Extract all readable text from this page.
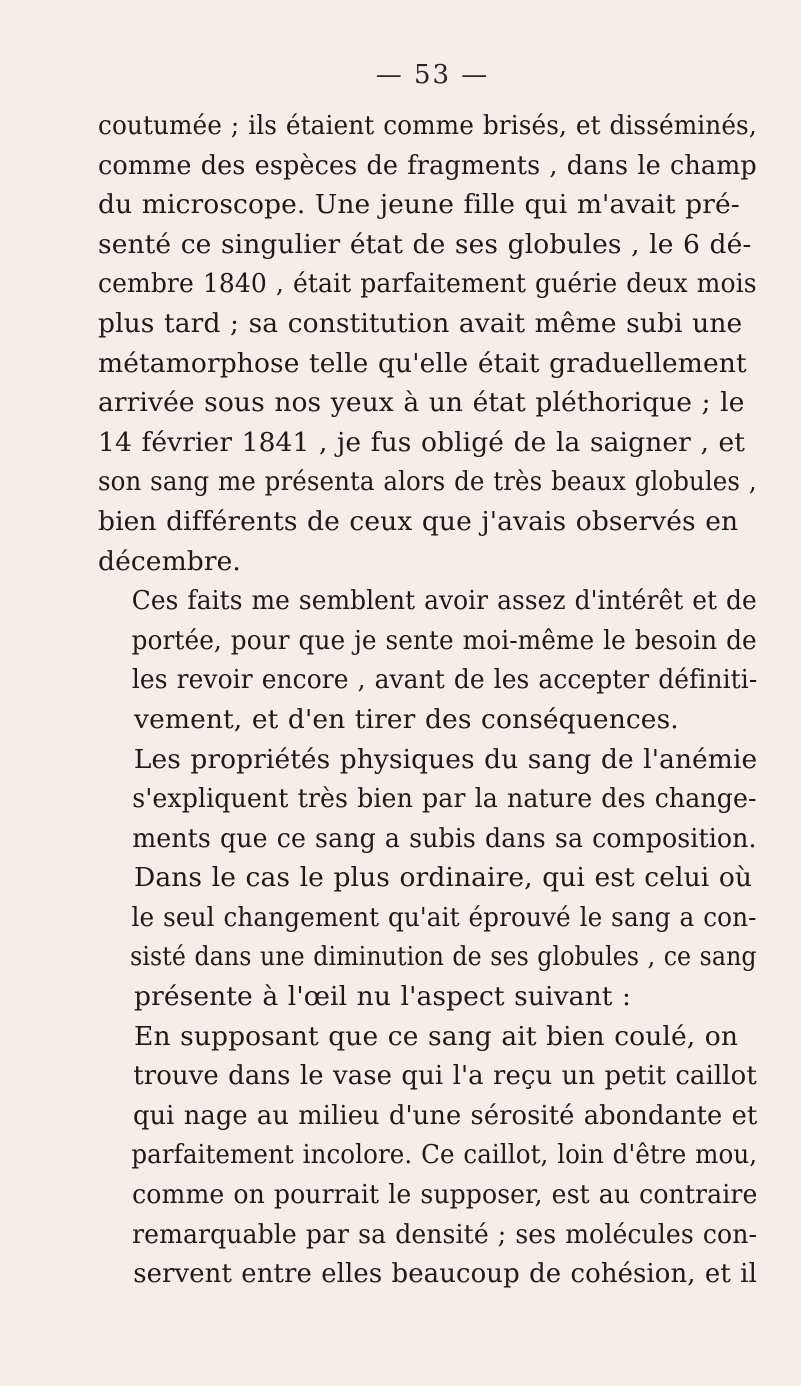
— 53 —

coutumée ; ils étaient comme brisés, et disséminés,
comme des espèces de fragments , dans le champ
du microscope. Une jeune fille qui m'avait pré-
senté ce singulier état de ses globules , le 6 dé-
cembre 1840 , était parfaitement guérie deux mois
plus tard ; sa constitution avait même subi une
métamorphose telle qu'elle était graduellement
arrivée sous nos yeux à un état pléthorique ; le
14 février 1841 , je fus obligé de la saigner , et
son sang me présenta alors de très beaux globules ,
bien différents de ceux que j'avais observés en
décembre.

Ces faits me semblent avoir assez d'intérêt et de
portée, pour que je sente moi-même le besoin de
les revoir encore , avant de les accepter définiti-
vement, et d'en tirer des conséquences.

Les propriétés physiques du sang de l'anémie
s'expliquent très bien par la nature des change-
ments que ce sang a subis dans sa composition.

Dans le cas le plus ordinaire, qui est celui où
le seul changement qu'ait éprouvé le sang a con-
sisté dans une diminution de ses globules , ce sang
présente à l'œil nu l'aspect suivant :

En supposant que ce sang ait bien coulé, on
trouve dans le vase qui l'a reçu un petit caillot
qui nage au milieu d'une sérosité abondante et
parfaitement incolore. Ce caillot, loin d'être mou,
comme on pourrait le supposer, est au contraire
remarquable par sa densité ; ses molécules con-
servent entre elles beaucoup de cohésion, et il
